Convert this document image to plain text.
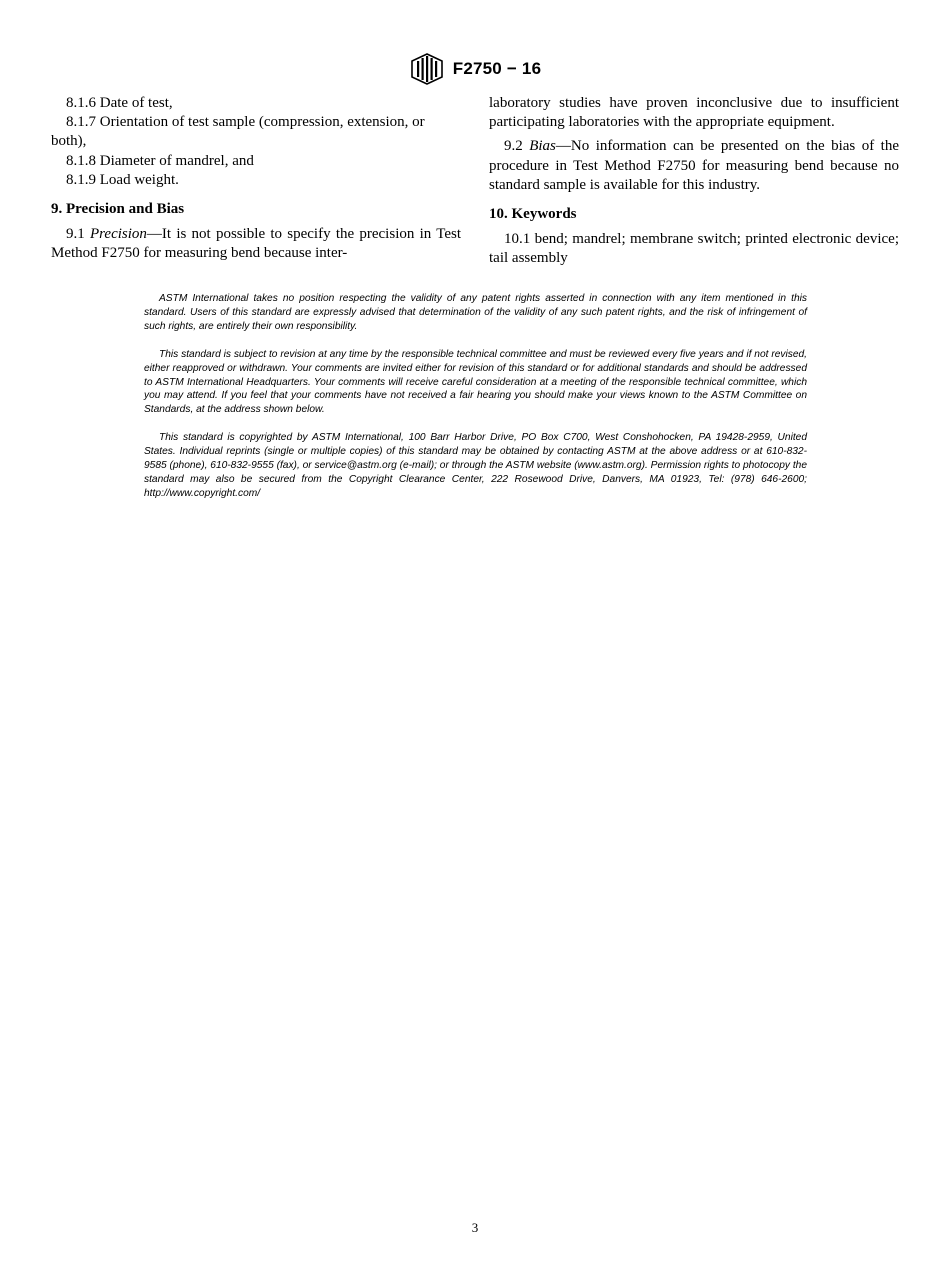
F2750 − 16

8.1.6 Date of test,

8.1.7 Orientation of test sample (compression, extension, or

both),

8.1.8 Diameter of mandrel, and

8.1.9 Load weight.

9. Precision and Bias

9.1 Precision—It is not possible to specify the precision in Test Method F2750 for measuring bend because inter-

laboratory studies have proven inconclusive due to insufficient participating laboratories with the appropriate equipment.

9.2 Bias—No information can be presented on the bias of the procedure in Test Method F2750 for measuring bend because no standard sample is available for this industry.

10. Keywords

10.1 bend; mandrel; membrane switch; printed electronic device; tail assembly

ASTM International takes no position respecting the validity of any patent rights asserted in connection with any item mentioned in this standard. Users of this standard are expressly advised that determination of the validity of any such patent rights, and the risk of infringement of such rights, are entirely their own responsibility.

This standard is subject to revision at any time by the responsible technical committee and must be reviewed every five years and if not revised, either reapproved or withdrawn. Your comments are invited either for revision of this standard or for additional standards and should be addressed to ASTM International Headquarters. Your comments will receive careful consideration at a meeting of the responsible technical committee, which you may attend. If you feel that your comments have not received a fair hearing you should make your views known to the ASTM Committee on Standards, at the address shown below.

This standard is copyrighted by ASTM International, 100 Barr Harbor Drive, PO Box C700, West Conshohocken, PA 19428-2959, United States. Individual reprints (single or multiple copies) of this standard may be obtained by contacting ASTM at the above address or at 610-832-9585 (phone), 610-832-9555 (fax), or service@astm.org (e-mail); or through the ASTM website (www.astm.org). Permission rights to photocopy the standard may also be secured from the Copyright Clearance Center, 222 Rosewood Drive, Danvers, MA 01923, Tel: (978) 646-2600; http://www.copyright.com/

3
